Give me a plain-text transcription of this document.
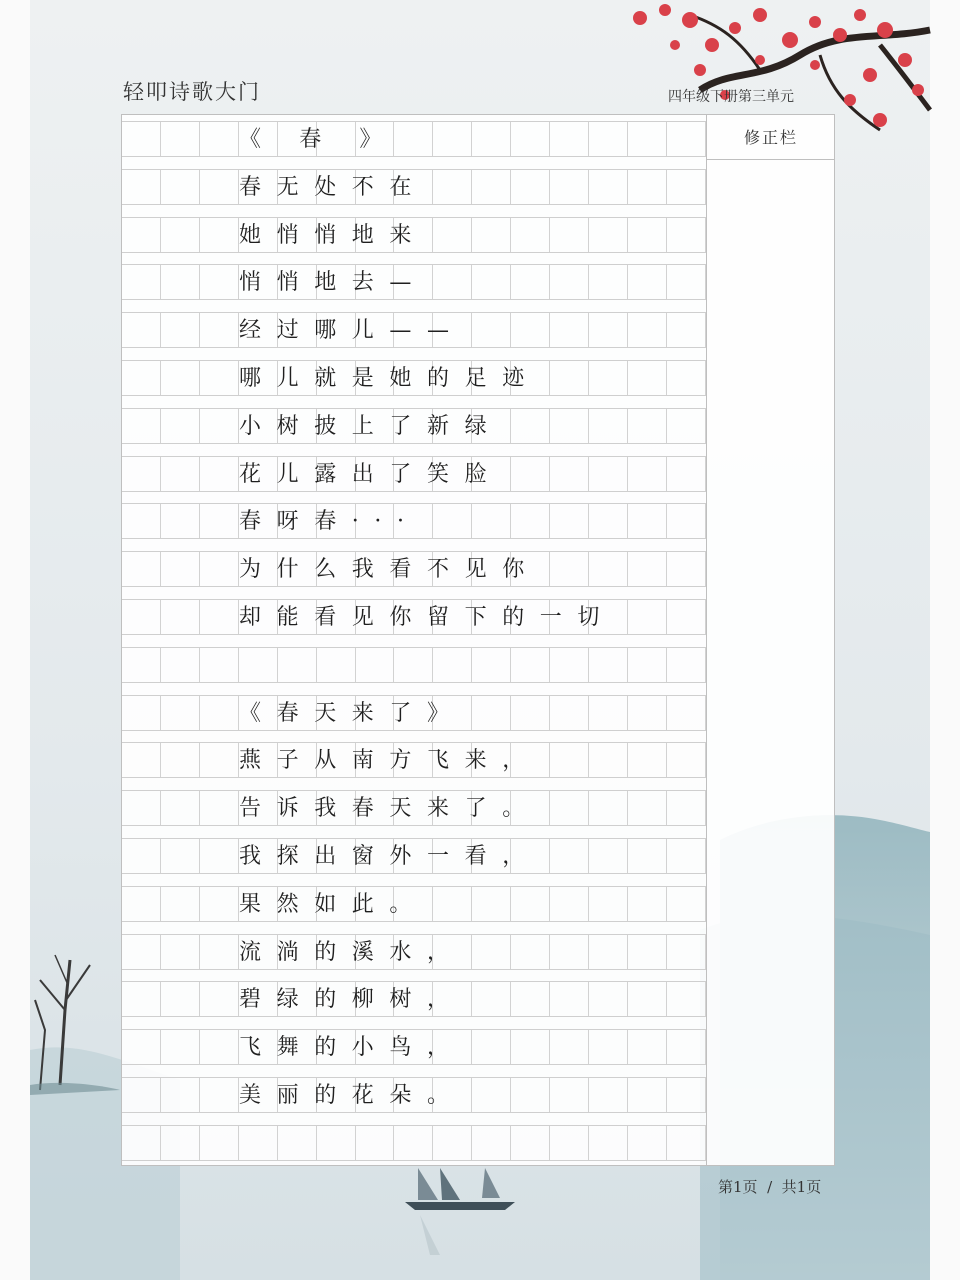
轻叩诗歌大门	四年级下册第三单元
《 春 》
春无处不在
她悄悄地来
悄悄地去—
经过哪儿——
哪儿就是她的足迹
小树披上了新绿
花儿露出了笑脸
春呀春···
为什么我看不见你
却能看见你留下的一切
《春天来了》
燕子从南方飞来，
告诉我春天来了。
我探出窗外一看，
果然如此。
流淌的溪水，
碧绿的柳树，
飞舞的小鸟，
美丽的花朵。
修正栏
第1页  /  共1页
